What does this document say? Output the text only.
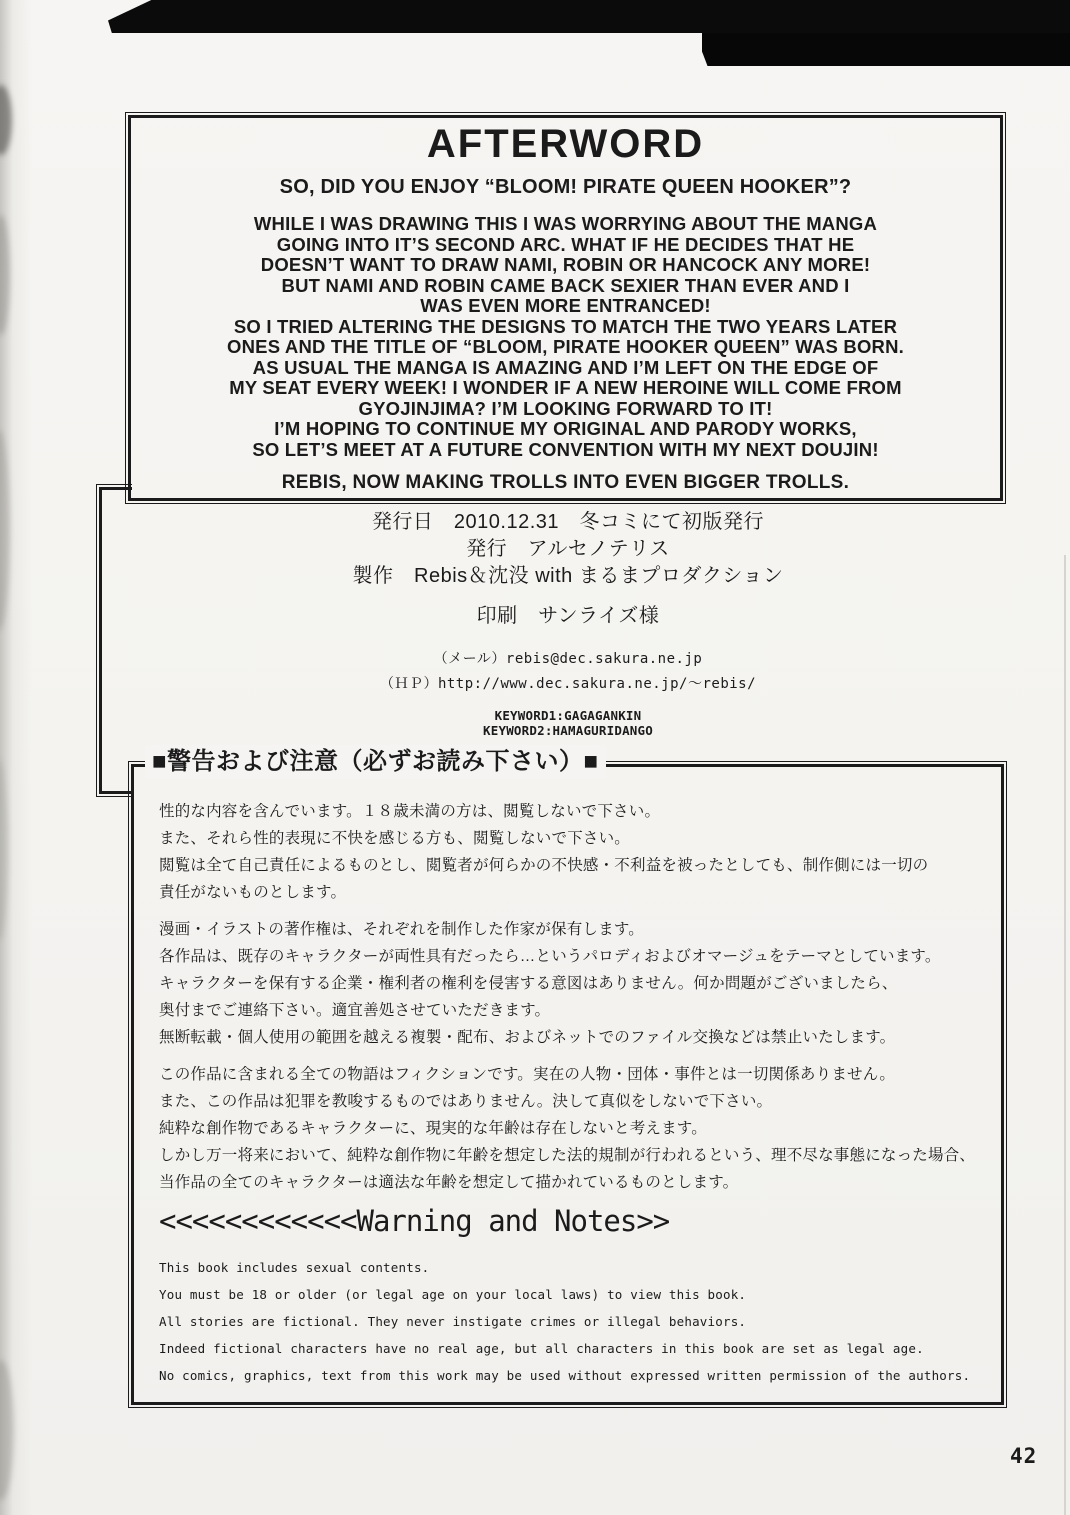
AFTERWORD

SO, DID YOU ENJOY “BLOOM! PIRATE QUEEN HOOKER”?

WHILE I WAS DRAWING THIS I WAS WORRYING ABOUT THE MANGA
GOING INTO IT’S SECOND ARC. WHAT IF HE DECIDES THAT HE
DOESN’T WANT TO DRAW NAMI, ROBIN OR HANCOCK ANY MORE!
BUT NAMI AND ROBIN CAME BACK SEXIER THAN EVER AND I
WAS EVEN MORE ENTRANCED!
SO I TRIED ALTERING THE DESIGNS TO MATCH THE TWO YEARS LATER
ONES AND THE TITLE OF “BLOOM, PIRATE HOOKER QUEEN” WAS BORN.
AS USUAL THE MANGA IS AMAZING AND I’M LEFT ON THE EDGE OF
MY SEAT EVERY WEEK! I WONDER IF A NEW HEROINE WILL COME FROM
GYOJINJIMA? I’M LOOKING FORWARD TO IT!
I’M HOPING TO CONTINUE MY ORIGINAL AND PARODY WORKS,
SO LET’S MEET AT A FUTURE CONVENTION WITH MY NEXT DOUJIN!

REBIS, NOW MAKING TROLLS INTO EVEN BIGGER TROLLS.

発行日　2010.12.31　冬コミにて初版発行
発行　アルセノテリス
製作　Rebis＆沈没 with まるまプロダクション
印刷　サンライズ様
（メール）rebis@dec.sakura.ne.jp
（ＨＰ）http://www.dec.sakura.ne.jp/～rebis/
KEYWORD1:GAGAGANKIN
KEYWORD2:HAMAGURIDANGO
■警告および注意（必ずお読み下さい）■
性的な内容を含んでいます。１８歳未満の方は、閲覧しないで下さい。
また、それら性的表現に不快を感じる方も、閲覧しないで下さい。
閲覧は全て自己責任によるものとし、閲覧者が何らかの不快感・不利益を被ったとしても、制作側には一切の
責任がないものとします。
漫画・イラストの著作権は、それぞれを制作した作家が保有します。
各作品は、既存のキャラクターが両性具有だったら…というパロディおよびオマージュをテーマとしています。
キャラクターを保有する企業・権利者の権利を侵害する意図はありません。何か問題がございましたら、
奥付までご連絡下さい。適宜善処させていただきます。
無断転載・個人使用の範囲を越える複製・配布、およびネットでのファイル交換などは禁止いたします。
この作品に含まれる全ての物語はフィクションです。実在の人物・団体・事件とは一切関係ありません。
また、この作品は犯罪を教唆するものではありません。決して真似をしないで下さい。
純粋な創作物であるキャラクターに、現実的な年齢は存在しないと考えます。
しかし万一将来において、純粋な創作物に年齢を想定した法的規制が行われるという、理不尽な事態になった場合、
当作品の全てのキャラクターは適法な年齢を想定して描かれているものとします。
<<<<<<<<<<<<Warning and Notes>>
This book includes sexual contents.
You must be 18 or older (or legal age on your local laws) to view this book.
All stories are fictional. They never instigate crimes or illegal behaviors.
Indeed fictional characters have no real age, but all characters in this book are set as legal age.
No comics, graphics, text from this work may be used without expressed written permission of the authors.
42
